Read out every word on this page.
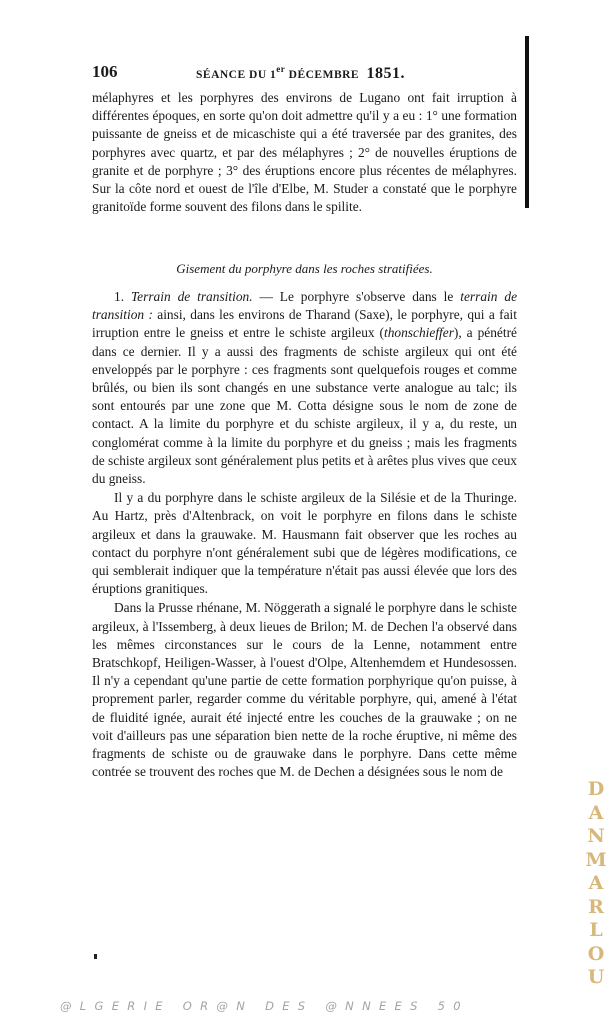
106	SÉANCE DU 1er DÉCEMBRE 1851.

mélaphyres et les porphyres des environs de Lugano ont fait irruption à différentes époques, en sorte qu'on doit admettre qu'il y a eu : 1° une formation puissante de gneiss et de micaschiste qui a été traversée par des granites, des porphyres avec quartz, et par des mélaphyres ; 2° de nouvelles éruptions de granite et de porphyre ; 3° des éruptions encore plus récentes de mélaphyres. Sur la côte nord et ouest de l'île d'Elbe, M. Studer a constaté que le porphyre granitoïde forme souvent des filons dans le spilite.

Gisement du porphyre dans les roches stratifiées.

1. Terrain de transition. — Le porphyre s'observe dans le terrain de transition : ainsi, dans les environs de Tharand (Saxe), le porphyre, qui a fait irruption entre le gneiss et entre le schiste argileux (thonschieffer), a pénétré dans ce dernier. Il y a aussi des fragments de schiste argileux qui ont été enveloppés par le porphyre : ces fragments sont quelquefois rouges et comme brûlés, ou bien ils sont changés en une substance verte analogue au talc; ils sont entourés par une zone que M. Cotta désigne sous le nom de zone de contact. A la limite du porphyre et du schiste argileux, il y a, du reste, un conglomérat comme à la limite du porphyre et du gneiss ; mais les fragments de schiste argileux sont généralement plus petits et à arêtes plus vives que ceux du gneiss.

Il y a du porphyre dans le schiste argileux de la Silésie et de la Thuringe. Au Hartz, près d'Altenbrack, on voit le porphyre en filons dans le schiste argileux et dans la grauwake. M. Hausmann fait observer que les roches au contact du porphyre n'ont généralement subi que de légères modifications, ce qui semblerait indiquer que la température n'était pas aussi élevée que lors des éruptions granitiques.

Dans la Prusse rhénane, M. Nöggerath a signalé le porphyre dans le schiste argileux, à l'Issemberg, à deux lieues de Brilon; M. de Dechen l'a observé dans les mêmes circonstances sur le cours de la Lenne, notamment entre Bratschkopf, Heiligen-Wasser, à l'ouest d'Olpe, Altenhemdem et Hundesossen. Il n'y a cependant qu'une partie de cette formation porphyrique qu'on puisse, à proprement parler, regarder comme du véritable porphyre, qui, amené à l'état de fluidité ignée, aurait été injecté entre les couches de la grauwake ; on ne voit d'ailleurs pas une séparation bien nette de la roche éruptive, ni même des fragments de schiste ou de grauwake dans le porphyre. Dans cette même contrée se trouvent des roches que M. de Dechen a désignées sous le nom de

@LGERIE OR@N DES @NNEES 50
D
A
N
M
A
R
L
O
U
